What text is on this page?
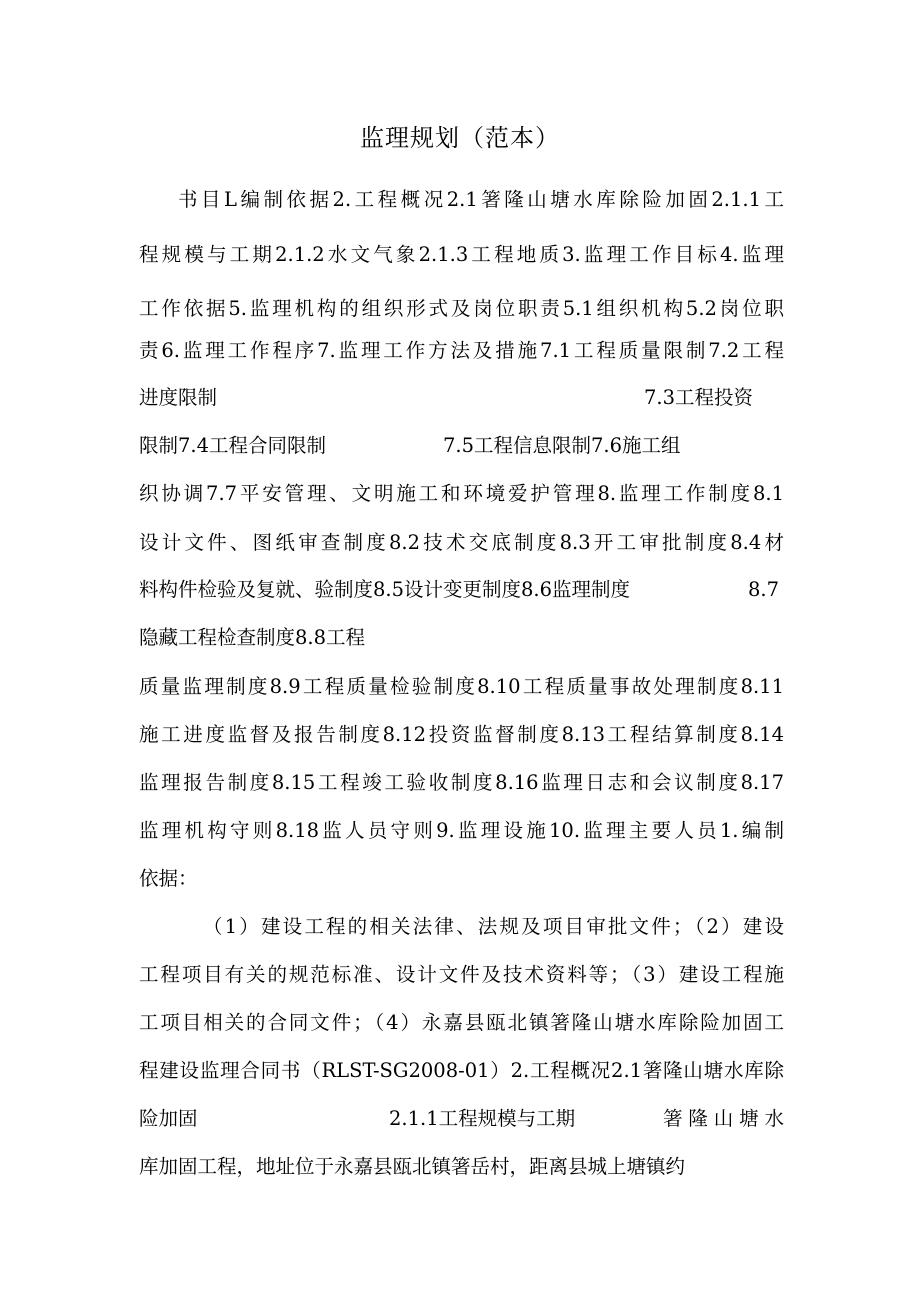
监理规划（范本）
书目L编制依据2.工程概况2.1箸隆山塘水库除险加固2.1.1工
程规模与工期2.1.2水文气象2.1.3工程地质3.监理工作目标4.监理
工作依据5.监理机构的组织形式及岗位职责5.1组织机构5.2岗位职
责6.监理工作程序7.监理工作方法及措施7.1工程质量限制7.2工程
进度限制	7.3工程投资
限制7.4工程合同限制	7.5工程信息限制7.6施工组
织协调7.7平安管理、文明施工和环境爱护管理8.监理工作制度8.1
设计文件、图纸审查制度8.2技术交底制度8.3开工审批制度8.4材
料构件检验及复就、验制度8.5设计变更制度8.6监理制度	8.7
隐藏工程检查制度8.8工程
质量监理制度8.9工程质量检验制度8.10工程质量事故处理制度8.11
施工进度监督及报告制度8.12投资监督制度8.13工程结算制度8.14
监理报告制度8.15工程竣工验收制度8.16监理日志和会议制度8.17
监理机构守则8.18监人员守则9.监理设施10.监理主要人员1.编制
依据：
（1）建设工程的相关法律、法规及项目审批文件；（2）建设
工程项目有关的规范标准、设计文件及技术资料等；（3）建设工程施
工项目相关的合同文件；（4）永嘉县瓯北镇箸隆山塘水库除险加固工
程建设监理合同书（RLST-SG2008-01）2.工程概况2.1箸隆山塘水库除
险加固	2.1.1工程规模与工期	箸隆山塘水
库加固工程，地址位于永嘉县瓯北镇箸岳村，距离县城上塘镇约
